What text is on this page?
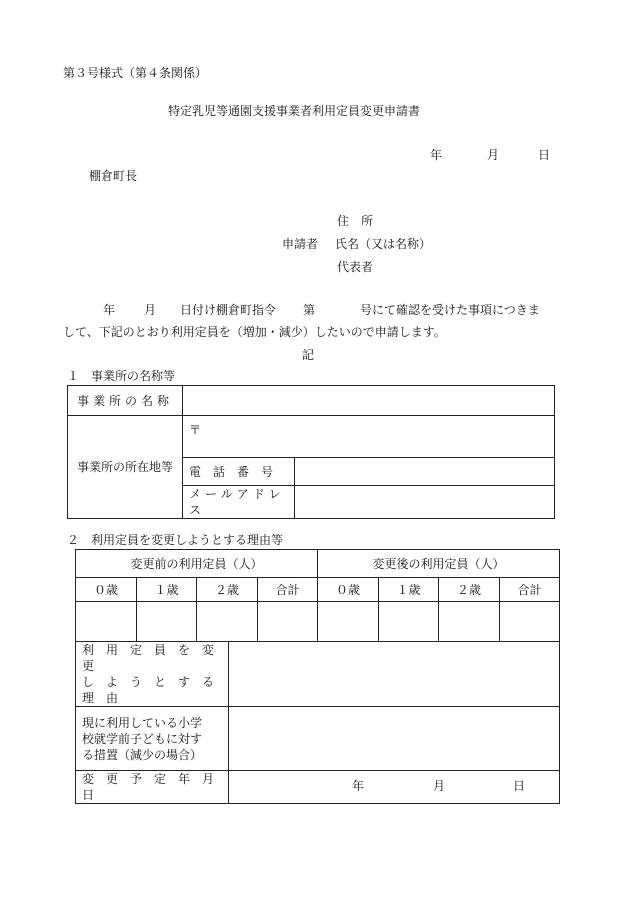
第３号様式（第４条関係）
特定乳児等通園支援事業者利用定員変更申請書
年	月	日
棚倉町長
住　所
申請者 氏名（又は名称）
代表者
年 月 日付け棚倉町指令 第	号にて確認を受けた事項につきま
して、下記のとおり利用定員を（増加・減少）したいので申請します。
記
１　事業所の名称等
事業所の名称		
事業所の所在地等	〒	
	電　話　番　号	
	メールアドレス	
２　利用定員を変更しようとする理由等
変更前の利用定員（人）				変更後の利用定員（人）			
０歳	１歳	２歳	合計	０歳	１歳	２歳	合計

利　用　定　員　を　変　更
し　よ　う　と　す　る　理　由	

現に利用している小学
校就学前子どもに対す
る措置（減少の場合）	

変　更　予　定　年　月　日	年 月 日
